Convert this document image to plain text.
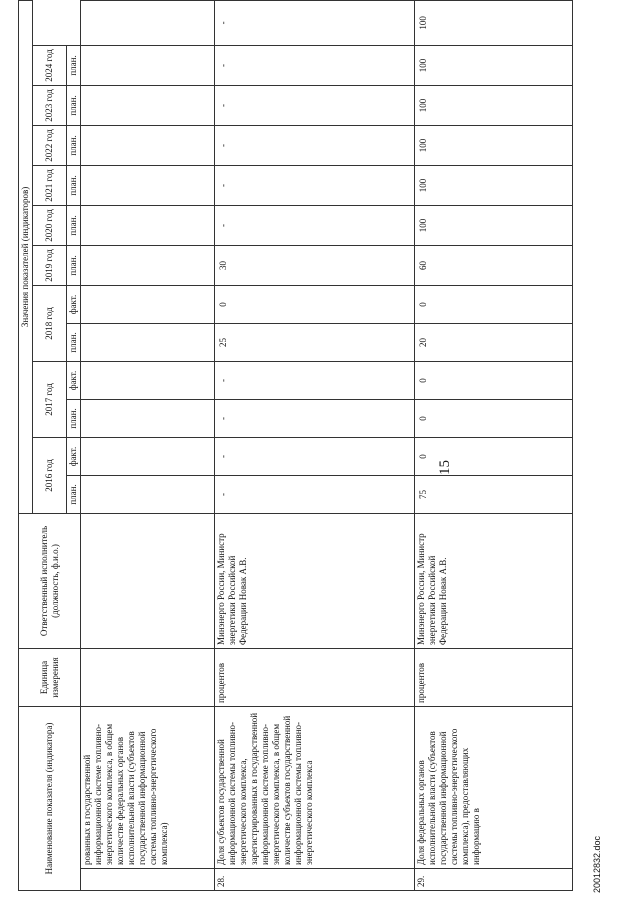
15
Наименование показателя (индикатора)		Единица измерения	Ответственный исполнитель (должность, ф.и.о.)	Значения показателей (индикаторов)												
				2016 год		2017 год		2018 год		2019 год	2020 год	2021 год	2022 год	2023 год	2024 год	
				план.	факт.	план.	факт.	план.	факт.	план.	план.	план.	план.	план.	план.	
	рованных в государственной информационной системе топливно-энергетического комплекса, в общем количестве федеральных органов исполнительной власти (субъектов государственной информационной системы топливно-энергетического комплекса)															
28.	Доля субъектов государственной информационной системы топливно-энергетического комплекса, зарегистрированных в государственной информационной системе топливно-энергетического комплекса, в общем количестве субъектов государственной информационной системы топливно-энергетического комплекса	процентов	Минэнерго России, Министр энергетики Российской Федерации Новак А.В.	-	-	-	-	25	0	30	-	-	-	-	-	-
29.	Доля федеральных органов исполнительной власти (субъектов государственной информационной системы топливно-энергетического комплекса), предоставляющих информацию в	процентов	Минэнерго России, Министр энергетики Российской Федерации Новак А.В.	75	0	0	0	20	0	60	100	100	100	100	100	100
20012832.doc
